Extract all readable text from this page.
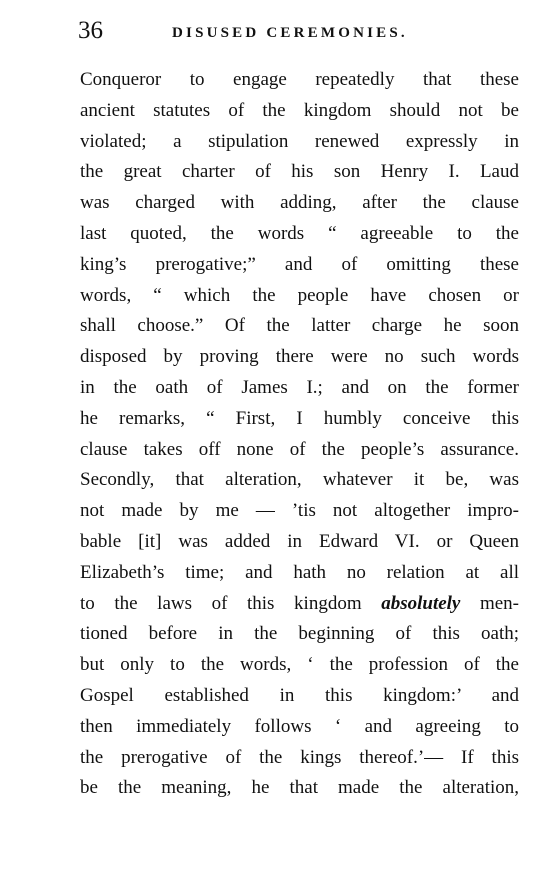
36	DISUSED CEREMONIES.
Conqueror to engage repeatedly that these
ancient statutes of the kingdom should not be
violated; a stipulation renewed expressly in
the great charter of his son Henry I. Laud
was charged with adding, after the clause
last quoted, the words “ agreeable to the
king’s prerogative;” and of omitting these
words, “ which the people have chosen or
shall choose.” Of the latter charge he soon
disposed by proving there were no such words
in the oath of James I.; and on the former
he remarks, “ First, I humbly conceive this
clause takes off none of the people’s assurance.
Secondly, that alteration, whatever it be, was
not made by me — ’tis not altogether impro-
bable [it] was added in Edward VI. or Queen
Elizabeth’s time; and hath no relation at all
to the laws of this kingdom absolutely men-
tioned before in the beginning of this oath;
but only to the words, ‘ the profession of the
Gospel established in this kingdom:’ and
then immediately follows ‘ and agreeing to
the prerogative of the kings thereof.’— If this
be the meaning, he that made the alteration,
